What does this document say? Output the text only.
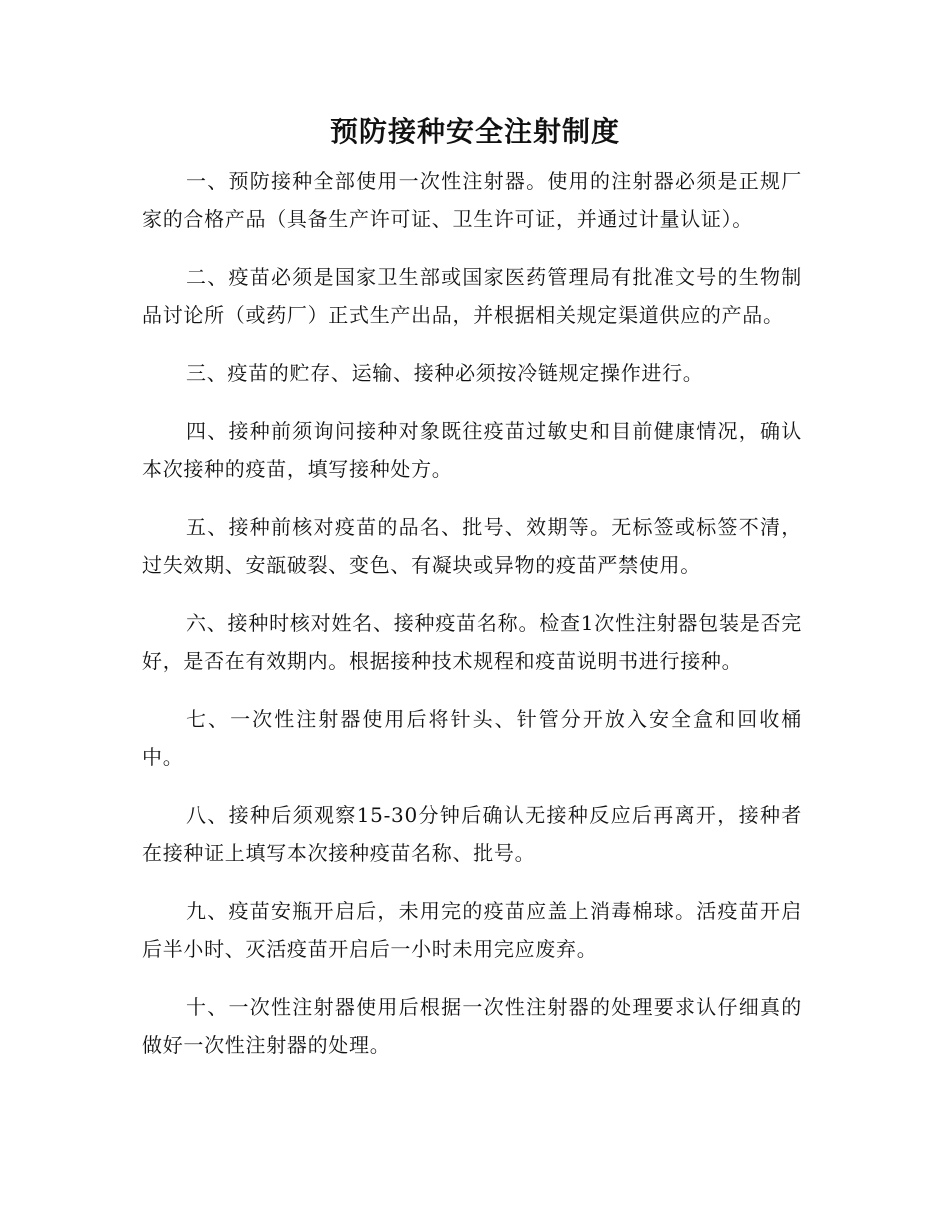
预防接种安全注射制度

一、预防接种全部使用一次性注射器。使用的注射器必须是正规厂家的合格产品（具备生产许可证、卫生许可证，并通过计量认证）。

二、疫苗必须是国家卫生部或国家医药管理局有批准文号的生物制品讨论所（或药厂）正式生产出品，并根据相关规定渠道供应的产品。

三、疫苗的贮存、运输、接种必须按冷链规定操作进行。

四、接种前须询问接种对象既往疫苗过敏史和目前健康情况，确认本次接种的疫苗，填写接种处方。

五、接种前核对疫苗的品名、批号、效期等。无标签或标签不清，过失效期、安瓿破裂、变色、有凝块或异物的疫苗严禁使用。

六、接种时核对姓名、接种疫苗名称。检查1次性注射器包装是否完好，是否在有效期内。根据接种技术规程和疫苗说明书进行接种。

七、一次性注射器使用后将针头、针管分开放入安全盒和回收桶中。

八、接种后须观察15-30分钟后确认无接种反应后再离开，接种者在接种证上填写本次接种疫苗名称、批号。

九、疫苗安瓶开启后，未用完的疫苗应盖上消毒棉球。活疫苗开启后半小时、灭活疫苗开启后一小时未用完应废弃。

十、一次性注射器使用后根据一次性注射器的处理要求认仔细真的做好一次性注射器的处理。
